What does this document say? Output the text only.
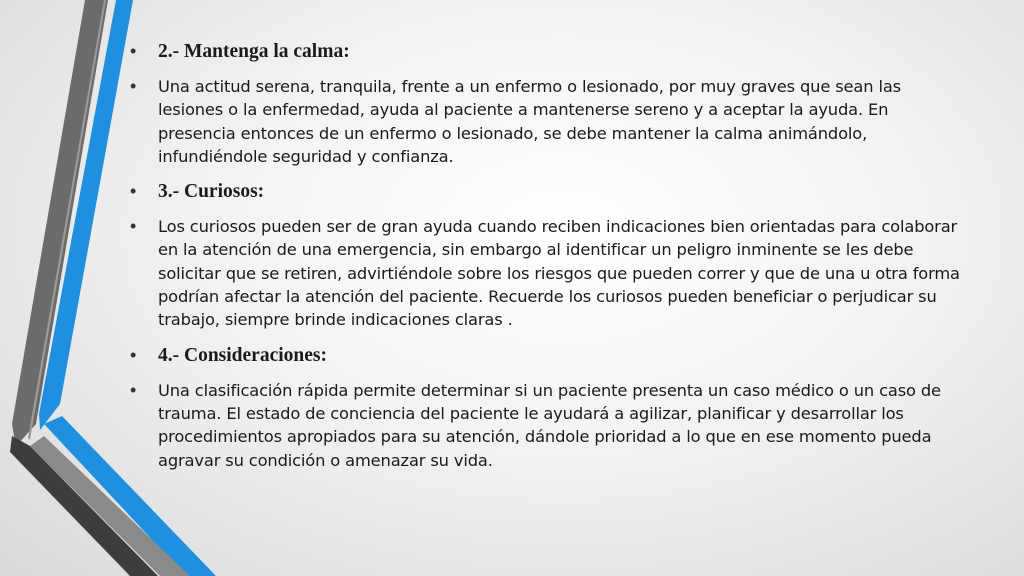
• 2.- Mantenga la calma:
• Una actitud serena, tranquila, frente a un enfermo o lesionado, por muy graves que sean las lesiones o la enfermedad, ayuda al paciente a mantenerse sereno y a aceptar la ayuda. En presencia entonces de un enfermo o lesionado, se debe mantener la calma animándolo, infundiéndole seguridad y confianza.
• 3.- Curiosos:
• Los curiosos pueden ser de gran ayuda cuando reciben indicaciones bien orientadas para colaborar en la atención de una emergencia, sin embargo al identificar un peligro inminente se les debe solicitar que se retiren, advirtiéndole sobre los riesgos que pueden correr y que de una u otra forma podrían afectar la atención del paciente. Recuerde los curiosos pueden beneficiar o perjudicar su trabajo, siempre brinde indicaciones claras .
• 4.- Consideraciones:
• Una clasificación rápida permite determinar si un paciente presenta un caso médico o un caso de trauma. El estado de conciencia del paciente le ayudará a agilizar, planificar y desarrollar los procedimientos apropiados para su atención, dándole prioridad a lo que en ese momento pueda agravar su condición o amenazar su vida.
